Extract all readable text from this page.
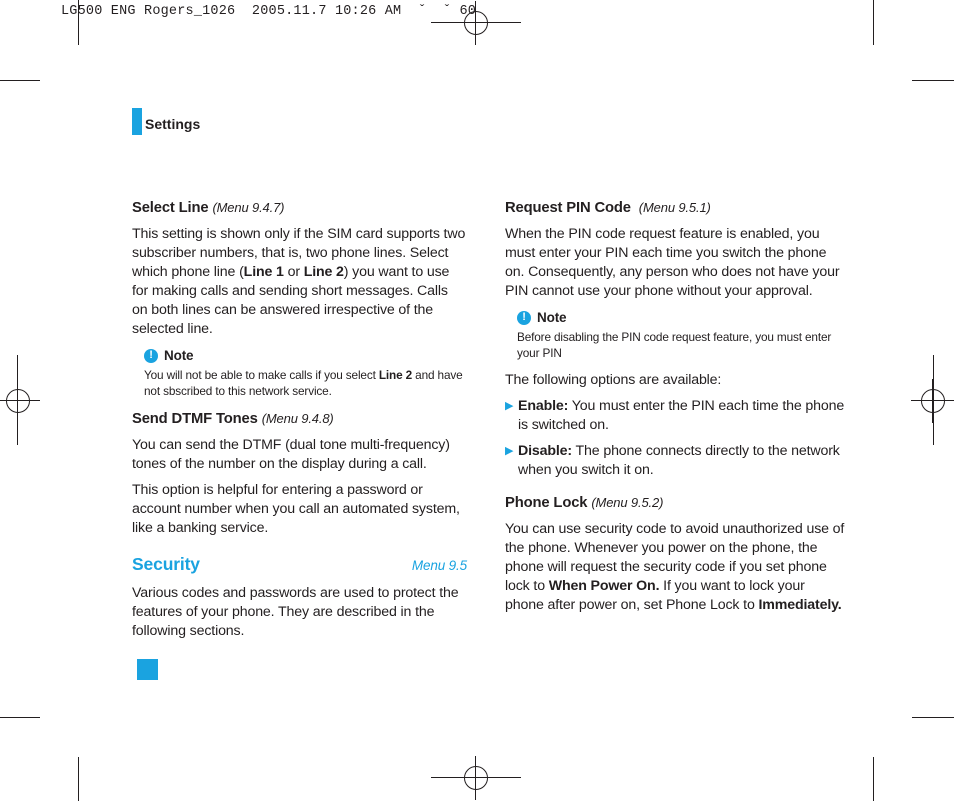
LG500 ENG Rogers_1026  2005.11.7 10:26 AM  ˇ  ˇ 60
Settings
Select Line (Menu 9.4.7)

This setting is shown only if the SIM card supports two subscriber numbers, that is, two phone lines. Select which phone line (Line 1 or Line 2) you want to use for making calls and sending short messages. Calls on both lines can be answered irrespective of the selected line.

! Note
You will not be able to make calls if you select Line 2 and have not sbscribed to this network service.
Send DTMF Tones (Menu 9.4.8)

You can send the DTMF (dual tone multi-frequency) tones of the number on the display during a call.

This option is helpful for entering a password or account number when you call an automated system, like a banking service.

Security	Menu 9.5

Various codes and passwords are used to protect the features of your phone. They are described in the following sections.

Request PIN Code (Menu 9.5.1)

When the PIN code request feature is enabled, you must enter your PIN each time you switch the phone on. Consequently, any person who does not have your PIN cannot use your phone without your approval.

! Note
Before disabling the PIN code request feature, you must enter your PIN

The following options are available:

▶ Enable: You must enter the PIN each time the phone is switched on.
▶ Disable: The phone connects directly to the network when you switch it on.
Phone Lock (Menu 9.5.2)

You can use security code to avoid unauthorized use of the phone. Whenever you power on the phone, the phone will request the security code if you set phone lock to When Power On. If you want to lock your phone after power on, set Phone Lock to Immediately.
